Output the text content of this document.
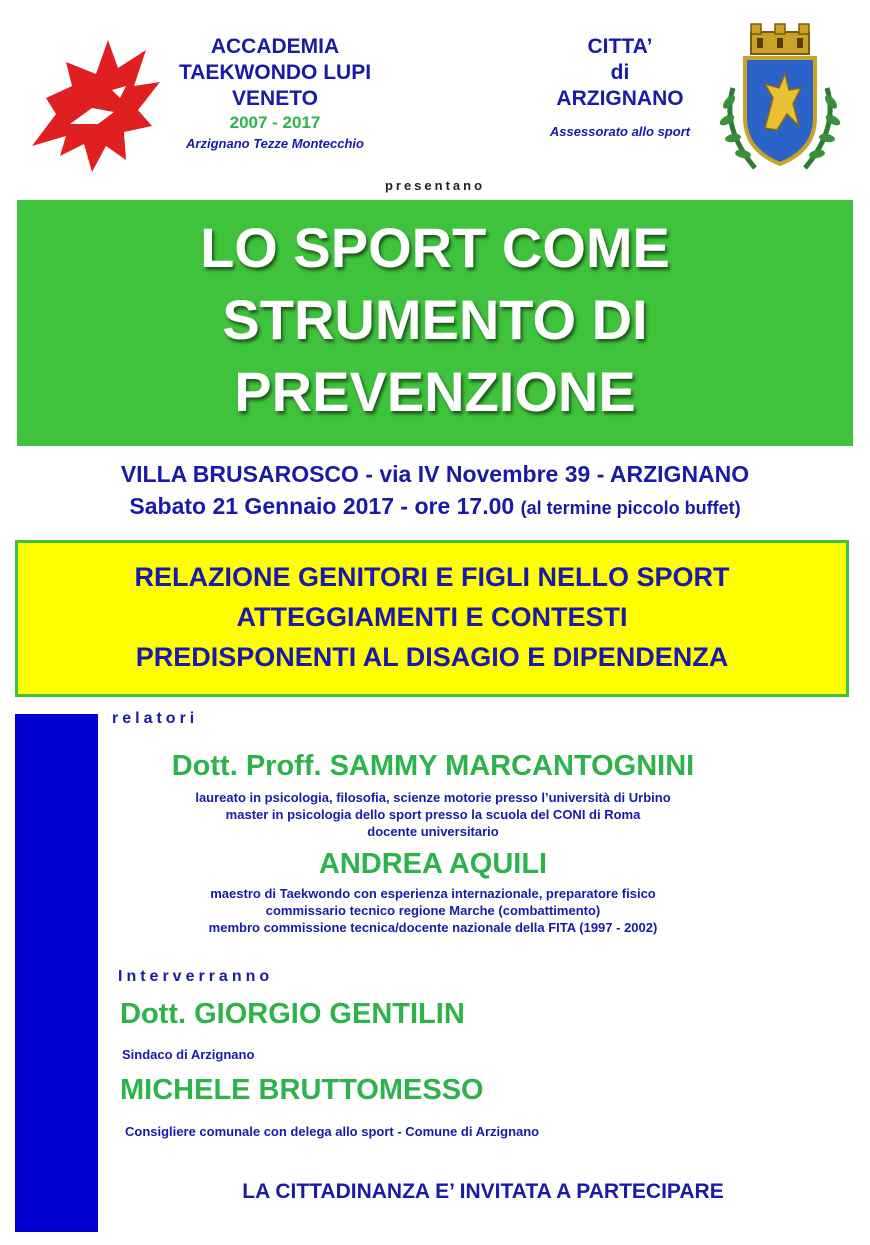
ACCADEMIA
TAEKWONDO LUPI
VENETO
2007 - 2017
Arzignano Tezze Montecchio
CITTA’
di
ARZIGNANO
Assessorato allo sport
presentano
LO SPORT COME
STRUMENTO DI
PREVENZIONE
VILLA BRUSAROSCO - via IV Novembre 39 - ARZIGNANO
Sabato 21 Gennaio 2017 - ore 17.00 (al termine piccolo buffet)
RELAZIONE GENITORI E FIGLI NELLO SPORT
ATTEGGIAMENTI E CONTESTI
PREDISPONENTI AL DISAGIO E DIPENDENZA
relatori
Dott. Proff. SAMMY MARCANTOGNINI
laureato in psicologia, filosofia, scienze motorie presso l’università di Urbino
master in psicologia dello sport presso la scuola del CONI di Roma
docente universitario
ANDREA AQUILI
maestro di Taekwondo con esperienza internazionale, preparatore fisico
commissario tecnico regione Marche (combattimento)
membro commissione tecnica/docente nazionale della FITA (1997 - 2002)
Interverranno
Dott. GIORGIO GENTILIN
Sindaco di Arzignano
MICHELE BRUTTOMESSO
Consigliere comunale con delega allo sport - Comune di Arzignano
LA CITTADINANZA E’ INVITATA A PARTECIPARE
